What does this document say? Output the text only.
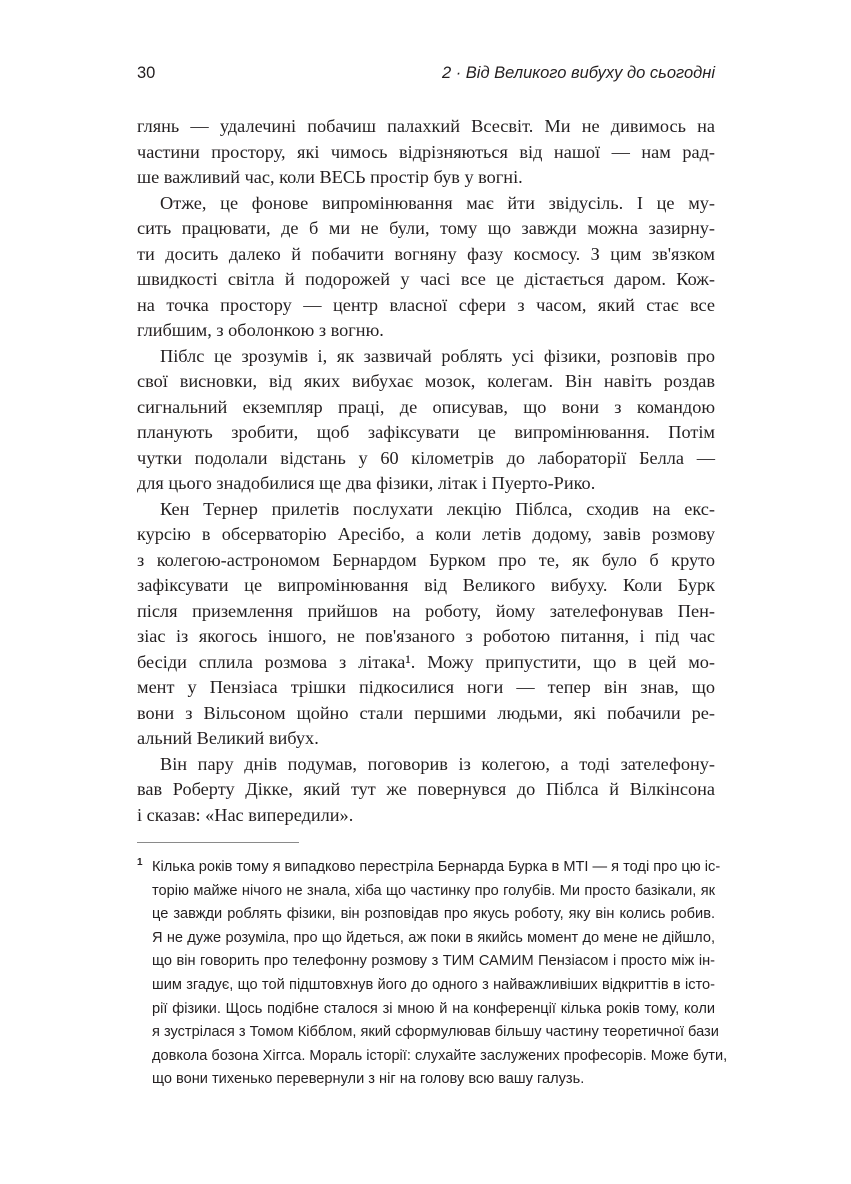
30	2 · Від Великого вибуху до сьогодні
глянь — удалечині побачиш палахкий Всесвіт. Ми не дивимось на
частини простору, які чимось відрізняються від нашої — нам рад-
ше важливий час, коли ВЕСЬ простір був у вогні.
Отже, це фонове випромінювання має йти звідусіль. І це му-
сить працювати, де б ми не були, тому що завжди можна зазирну-
ти досить далеко й побачити вогняну фазу космосу. З цим зв'язком
швидкості світла й подорожей у часі все це дістається даром. Кож-
на точка простору — центр власної сфери з часом, який стає все
глибшим, з оболонкою з вогню.
Піблс це зрозумів і, як зазвичай роблять усі фізики, розповів про
свої висновки, від яких вибухає мозок, колегам. Він навіть роздав
сигнальний екземпляр праці, де описував, що вони з командою
планують зробити, щоб зафіксувати це випромінювання. Потім
чутки подолали відстань у 60 кілометрів до лабораторії Белла —
для цього знадобилися ще два фізики, літак і Пуерто-Рико.
Кен Тернер прилетів послухати лекцію Піблса, сходив на екс-
курсію в обсерваторію Аресібо, а коли летів додому, завів розмову
з колегою-астрономом Бернардом Бурком про те, як було б круто
зафіксувати це випромінювання від Великого вибуху. Коли Бурк
після приземлення прийшов на роботу, йому зателефонував Пен-
зіас із якогось іншого, не пов'язаного з роботою питання, і під час
бесіди сплила розмова з літака¹. Можу припустити, що в цей мо-
мент у Пензіаса трішки підкосилися ноги — тепер він знав, що
вони з Вільсоном щойно стали першими людьми, які побачили ре-
альний Великий вибух.
Він пару днів подумав, поговорив із колегою, а тоді зателефону-
вав Роберту Дікке, який тут же повернувся до Піблса й Вілкінсона
і сказав: «Нас випередили».
1 Кілька років тому я випадково перестріла Бернарда Бурка в MTI — я тоді про цю іс-
торію майже нічого не знала, хіба що частинку про голубів. Ми просто базікали, як
це завжди роблять фізики, він розповідав про якусь роботу, яку він колись робив.
Я не дуже розуміла, про що йдеться, аж поки в якийсь момент до мене не дійшло,
що він говорить про телефонну розмову з ТИМ САМИМ Пензіасом і просто між ін-
шим згадує, що той підштовхнув його до одного з найважливіших відкриттів в істо-
рії фізики. Щось подібне сталося зі мною й на конференції кілька років тому, коли
я зустрілася з Томом Кібблом, який сформулював більшу частину теоретичної бази
довкола бозона Хіггса. Мораль історії: слухайте заслужених професорів. Може бути,
що вони тихенько перевернули з ніг на голову всю вашу галузь.
